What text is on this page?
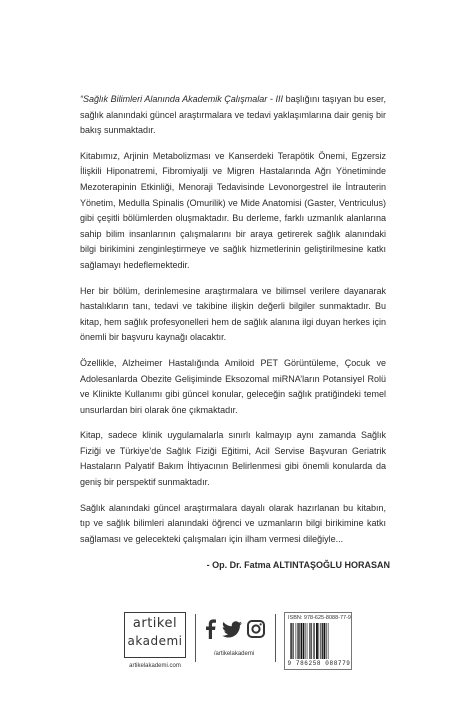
“Sağlık Bilimleri Alanında Akademik Çalışmalar - III başlığını taşıyan bu eser, sağlık alanındaki güncel araştırmalara ve tedavi yaklaşımlarına dair geniş bir bakış sunmaktadır.

Kitabımız, Arjinin Metabolizması ve Kanserdeki Terapötik Önemi, Egzersiz İlişkili Hiponatremi, Fibromiyalji ve Migren Hastalarında Ağrı Yönetiminde Mezoterapinin Etkinliği, Menoraji Tedavisinde Levonorgestrel ile İntrauterin Yönetim, Medulla Spinalis (Omurilik) ve Mide Anatomisi (Gaster, Ventriculus) gibi çeşitli bölümlerden oluşmaktadır. Bu derleme, farklı uzmanlık alanlarına sahip bilim insanlarının çalışmalarını bir araya getirerek sağlık alanındaki bilgi birikimini zenginleştirmeye ve sağlık hizmetlerinin geliştirilmesine katkı sağlamayı hedeflemektedir.

Her bir bölüm, derinlemesine araştırmalara ve bilimsel verilere dayanarak hastalıkların tanı, tedavi ve takibine ilişkin değerli bilgiler sunmaktadır. Bu kitap, hem sağlık profesyonelleri hem de sağlık alanına ilgi duyan herkes için önemli bir başvuru kaynağı olacaktır.

Özellikle, Alzheimer Hastalığında Amiloid PET Görüntüleme, Çocuk ve Adolesanlarda Obezite Gelişiminde Eksozomal miRNA’ların Potansiyel Rolü ve Klinikte Kullanımı gibi güncel konular, geleceğin sağlık pratiğindeki temel unsurlardan biri olarak öne çıkmaktadır.

Kitap, sadece klinik uygulamalarla sınırlı kalmayıp aynı zamanda Sağlık Fiziği ve Türkiye’de Sağlık Fiziği Eğitimi, Acil Servise Başvuran Geriatrik Hastaların Palyatif Bakım İhtiyacının Belirlenmesi gibi önemli konularda da geniş bir perspektif sunmaktadır.

Sağlık alanındaki güncel araştırmalara dayalı olarak hazırlanan bu kitabın, tıp ve sağlık bilimleri alanındaki öğrenci ve uzmanların bilgi birikimine katkı sağlaması ve gelecekteki çalışmaları için ilham vermesi dileğiyle...

- Op. Dr. Fatma ALTINTAŞOĞLU HORASAN
artikel
akademi
artikelakademi.com
/artikelakademi
ISBN: 978-625-8088-77-9
9 786258 088779
